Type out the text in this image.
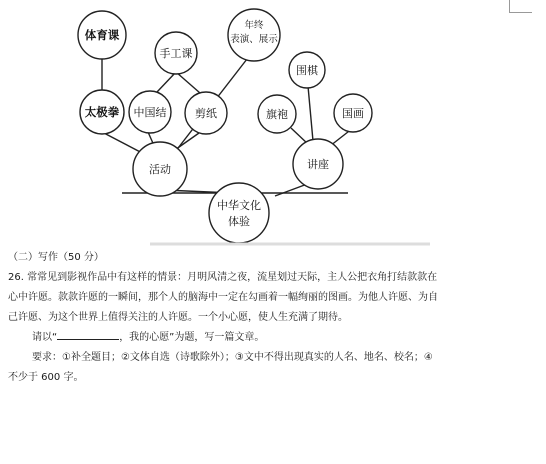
体育课
手工课
年终
表演、展示
太极拳 中国结	剪纸
活动
旗袍
围棋
国画
讲座
中华文化
体验

（二）写作（50 分）

26. 常常见到影视作品中有这样的情景：月明风清之夜，流星划过天际，主人公把衣角打结款款在

心中许愿。款款许愿的一瞬间，那个人的脑海中一定在勾画着一幅绚丽的图画。为他人许愿、为自

己许愿、为这个世界上值得关注的人许愿。一个小心愿，使人生充满了期待。

请以“	，我的心愿”为题，写一篇文章。

要求：①补全题目；②文体自选（诗歌除外）；③文中不得出现真实的人名、地名、校名；④

不少于 600 字。
